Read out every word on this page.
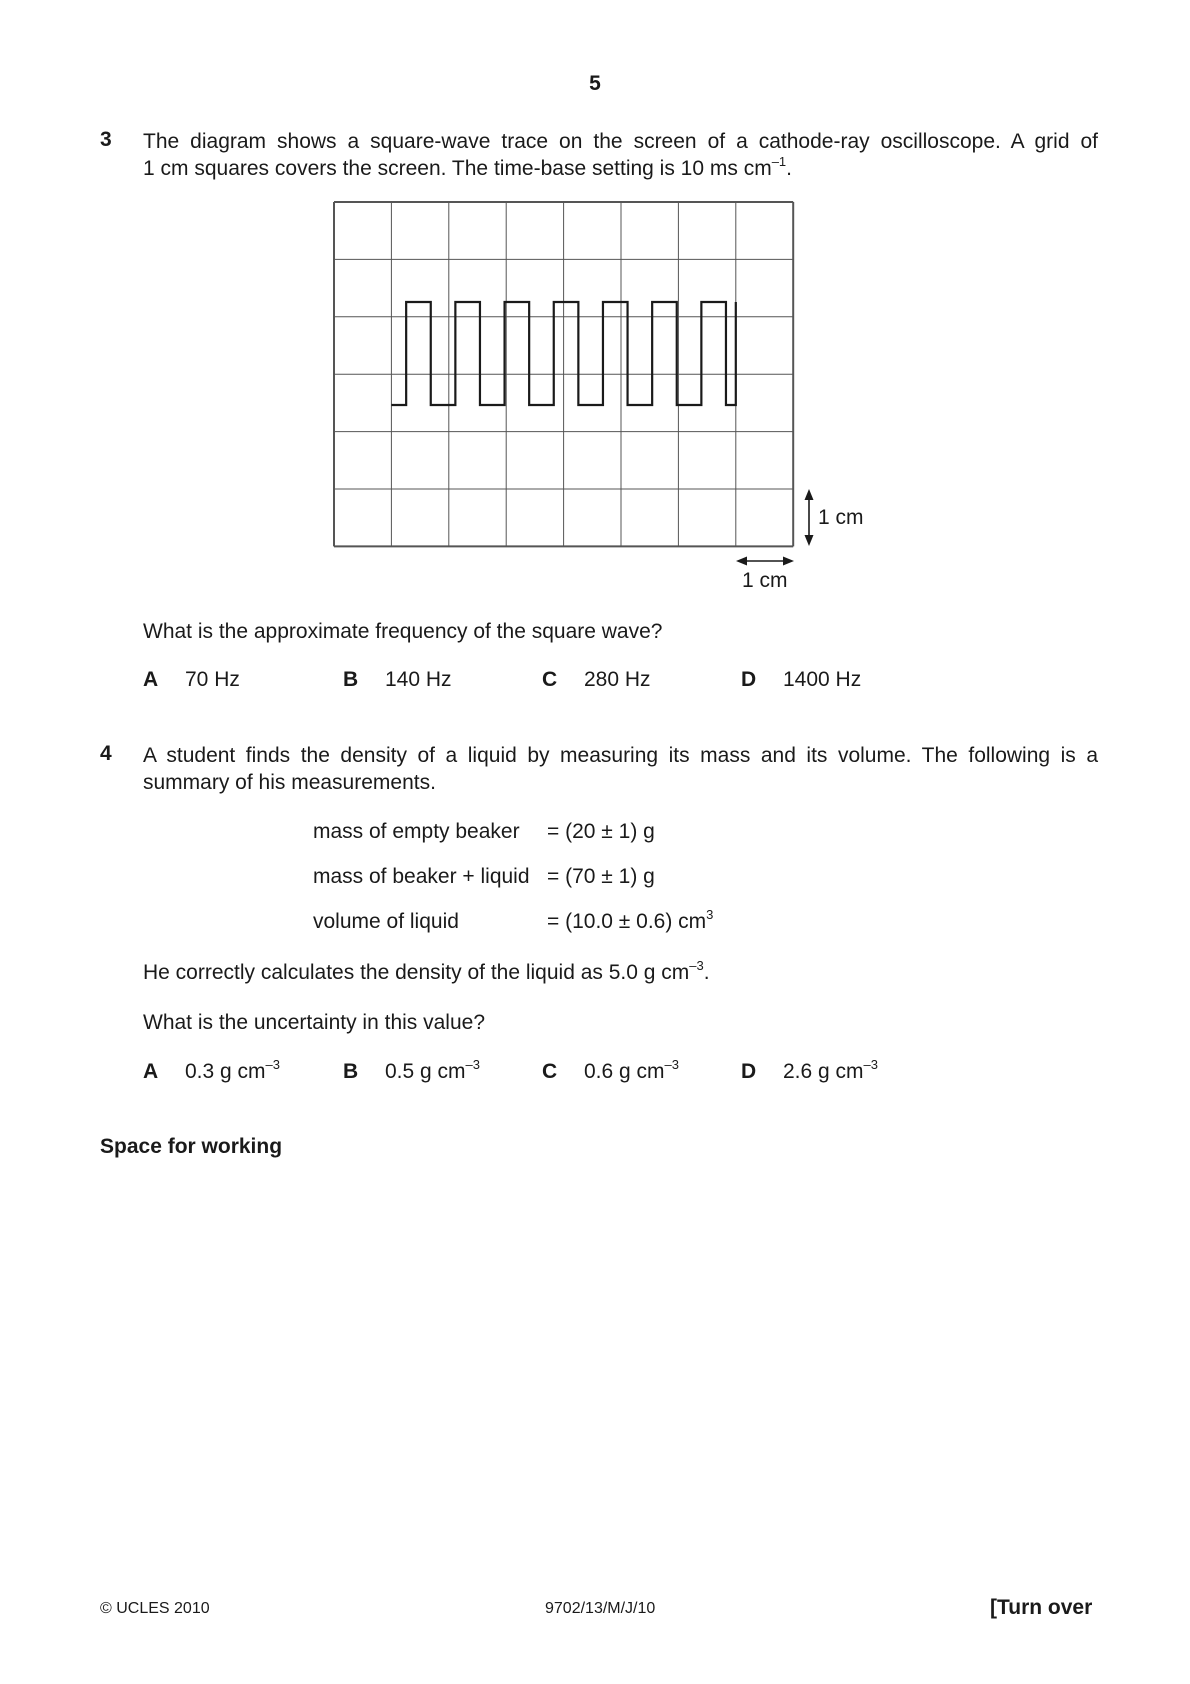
5
3 The diagram shows a square-wave trace on the screen of a cathode-ray oscilloscope. A grid of
1 cm squares covers the screen. The time-base setting is 10 ms $cm^{-1}$.
1 cm
1 cm
What is the approximate frequency of the square wave?
A 70 Hz	B 140 Hz	C 280 Hz	D 1400 Hz
4 A student finds the density of a liquid by measuring its mass and its volume. The following is a
summary of his measurements.
mass of empty beaker = (20 ± 1) g
mass of beaker + liquid = (70 ± 1) g
volume of liquid	= (10.0 ± 0.6) $cm^3$
He correctly calculates the density of the liquid as 5.0 g $cm^{-3}$.
What is the uncertainty in this value?
A 0.3 g $cm^{-3}$	B 0.5 g $cm^{-3}$	C 0.6 g $cm^{-3}$	D 2.6 g $cm^{-3}$
Space for working
© UCLES 2010	9702/13/M/J/10	[Turn over
